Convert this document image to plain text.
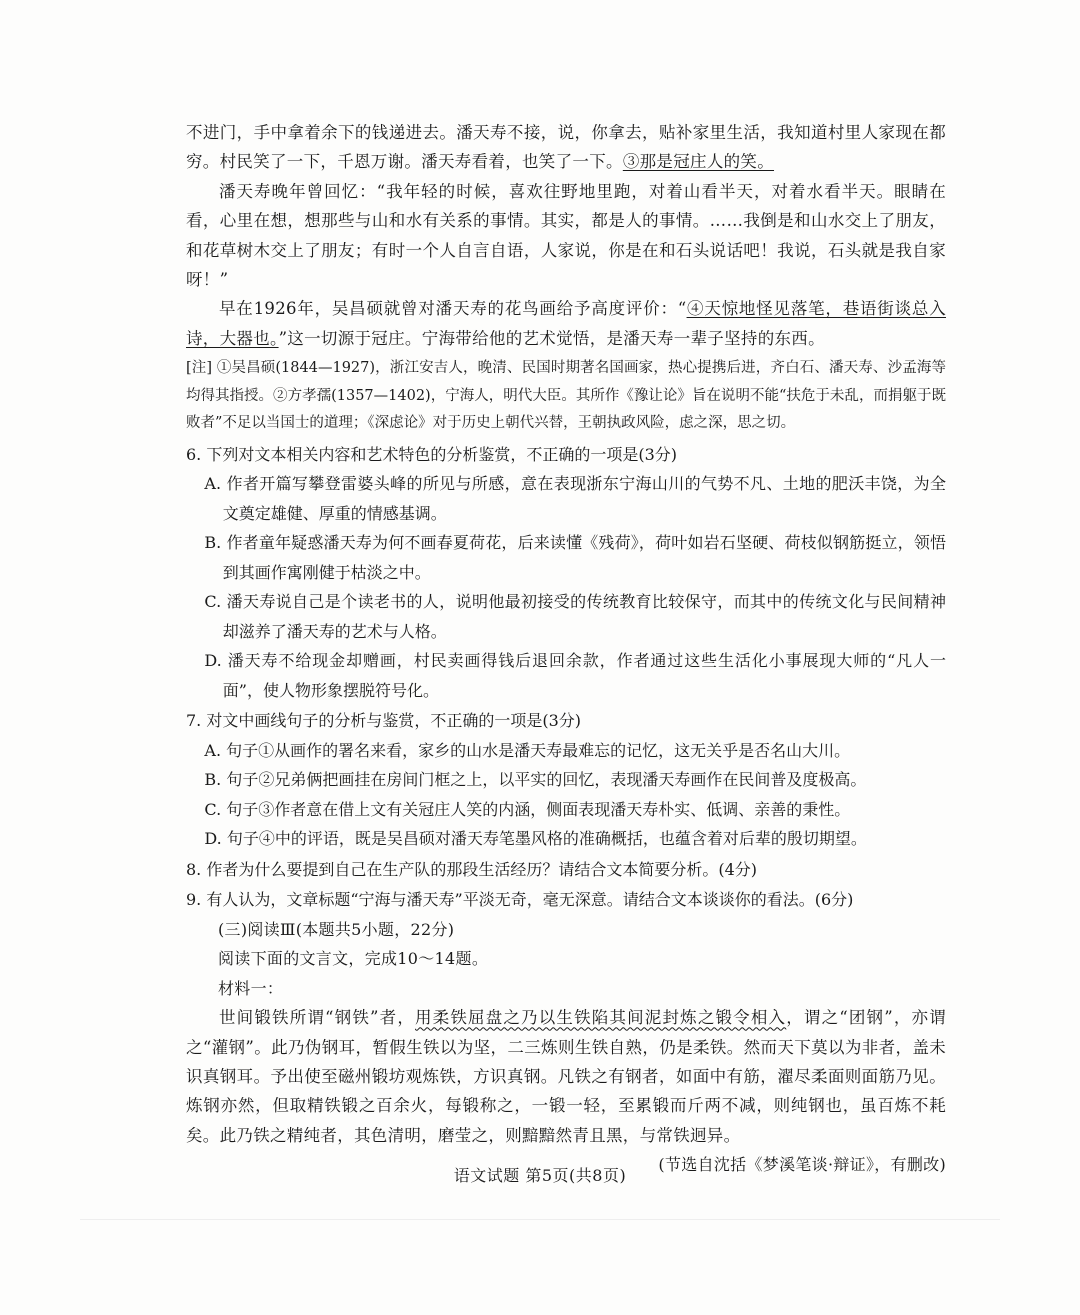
不进门，手中拿着余下的钱递进去。潘天寿不接，说，你拿去，贴补家里生活，我知道村里人家现在都穷。村民笑了一下，千恩万谢。潘天寿看着，也笑了一下。③那是冠庄人的笑。

潘天寿晚年曾回忆：“我年轻的时候，喜欢往野地里跑，对着山看半天，对着水看半天。眼睛在看，心里在想，想那些与山和水有关系的事情。其实，都是人的事情。……我倒是和山水交上了朋友，和花草树木交上了朋友；有时一个人自言自语，人家说，你是在和石头说话吧！我说，石头就是我自家呀！”

早在1926年，吴昌硕就曾对潘天寿的花鸟画给予高度评价：“④天惊地怪见落笔，巷语街谈总入诗，大器也。”这一切源于冠庄。宁海带给他的艺术觉悟，是潘天寿一辈子坚持的东西。

[注] ①吴昌硕(1844—1927)，浙江安吉人，晚清、民国时期著名国画家，热心提携后进，齐白石、潘天寿、沙孟海等均得其指授。②方孝孺(1357—1402)，宁海人，明代大臣。其所作《豫让论》旨在说明不能“扶危于未乱，而捐躯于既败者”不足以当国士的道理；《深虑论》对于历史上朝代兴替，王朝执政风险，虑之深，思之切。

6. 下列对文本相关内容和艺术特色的分析鉴赏，不正确的一项是(3分)

A. 作者开篇写攀登雷婆头峰的所见与所感，意在表现浙东宁海山川的气势不凡、土地的肥沃丰饶，为全文奠定雄健、厚重的情感基调。

B. 作者童年疑惑潘天寿为何不画春夏荷花，后来读懂《残荷》，荷叶如岩石坚硬、荷枝似钢筋挺立，领悟到其画作寓刚健于枯淡之中。

C. 潘天寿说自己是个读老书的人，说明他最初接受的传统教育比较保守，而其中的传统文化与民间精神却滋养了潘天寿的艺术与人格。

D. 潘天寿不给现金却赠画，村民卖画得钱后退回余款，作者通过这些生活化小事展现大师的“凡人一面”，使人物形象摆脱符号化。

7. 对文中画线句子的分析与鉴赏，不正确的一项是(3分)

A. 句子①从画作的署名来看，家乡的山水是潘天寿最难忘的记忆，这无关乎是否名山大川。

B. 句子②兄弟俩把画挂在房间门框之上，以平实的回忆，表现潘天寿画作在民间普及度极高。

C. 句子③作者意在借上文有关冠庄人笑的内涵，侧面表现潘天寿朴实、低调、亲善的秉性。

D. 句子④中的评语，既是吴昌硕对潘天寿笔墨风格的准确概括，也蕴含着对后辈的殷切期望。

8. 作者为什么要提到自己在生产队的那段生活经历？请结合文本简要分析。(4分)

9. 有人认为，文章标题“宁海与潘天寿”平淡无奇，毫无深意。请结合文本谈谈你的看法。(6分)

(三)阅读Ⅲ(本题共5小题，22分)

阅读下面的文言文，完成10～14题。

材料一：

世间锻铁所谓“钢铁”者，用柔铁屈盘之乃以生铁陷其间泥封炼之锻令相入，谓之“团钢”，亦谓之“灌钢”。此乃伪钢耳，暂假生铁以为坚，二三炼则生铁自熟，仍是柔铁。然而天下莫以为非者，盖未识真钢耳。予出使至磁州锻坊观炼铁，方识真钢。凡铁之有钢者，如面中有筋，濯尽柔面则面筋乃见。炼钢亦然，但取精铁锻之百余火，每锻称之，一锻一轻，至累锻而斤两不减，则纯钢也，虽百炼不耗矣。此乃铁之精纯者，其色清明，磨莹之，则黯黯然青且黑，与常铁迥异。

(节选自沈括《梦溪笔谈·辩证》，有删改)

语文试题 第5页(共8页)
